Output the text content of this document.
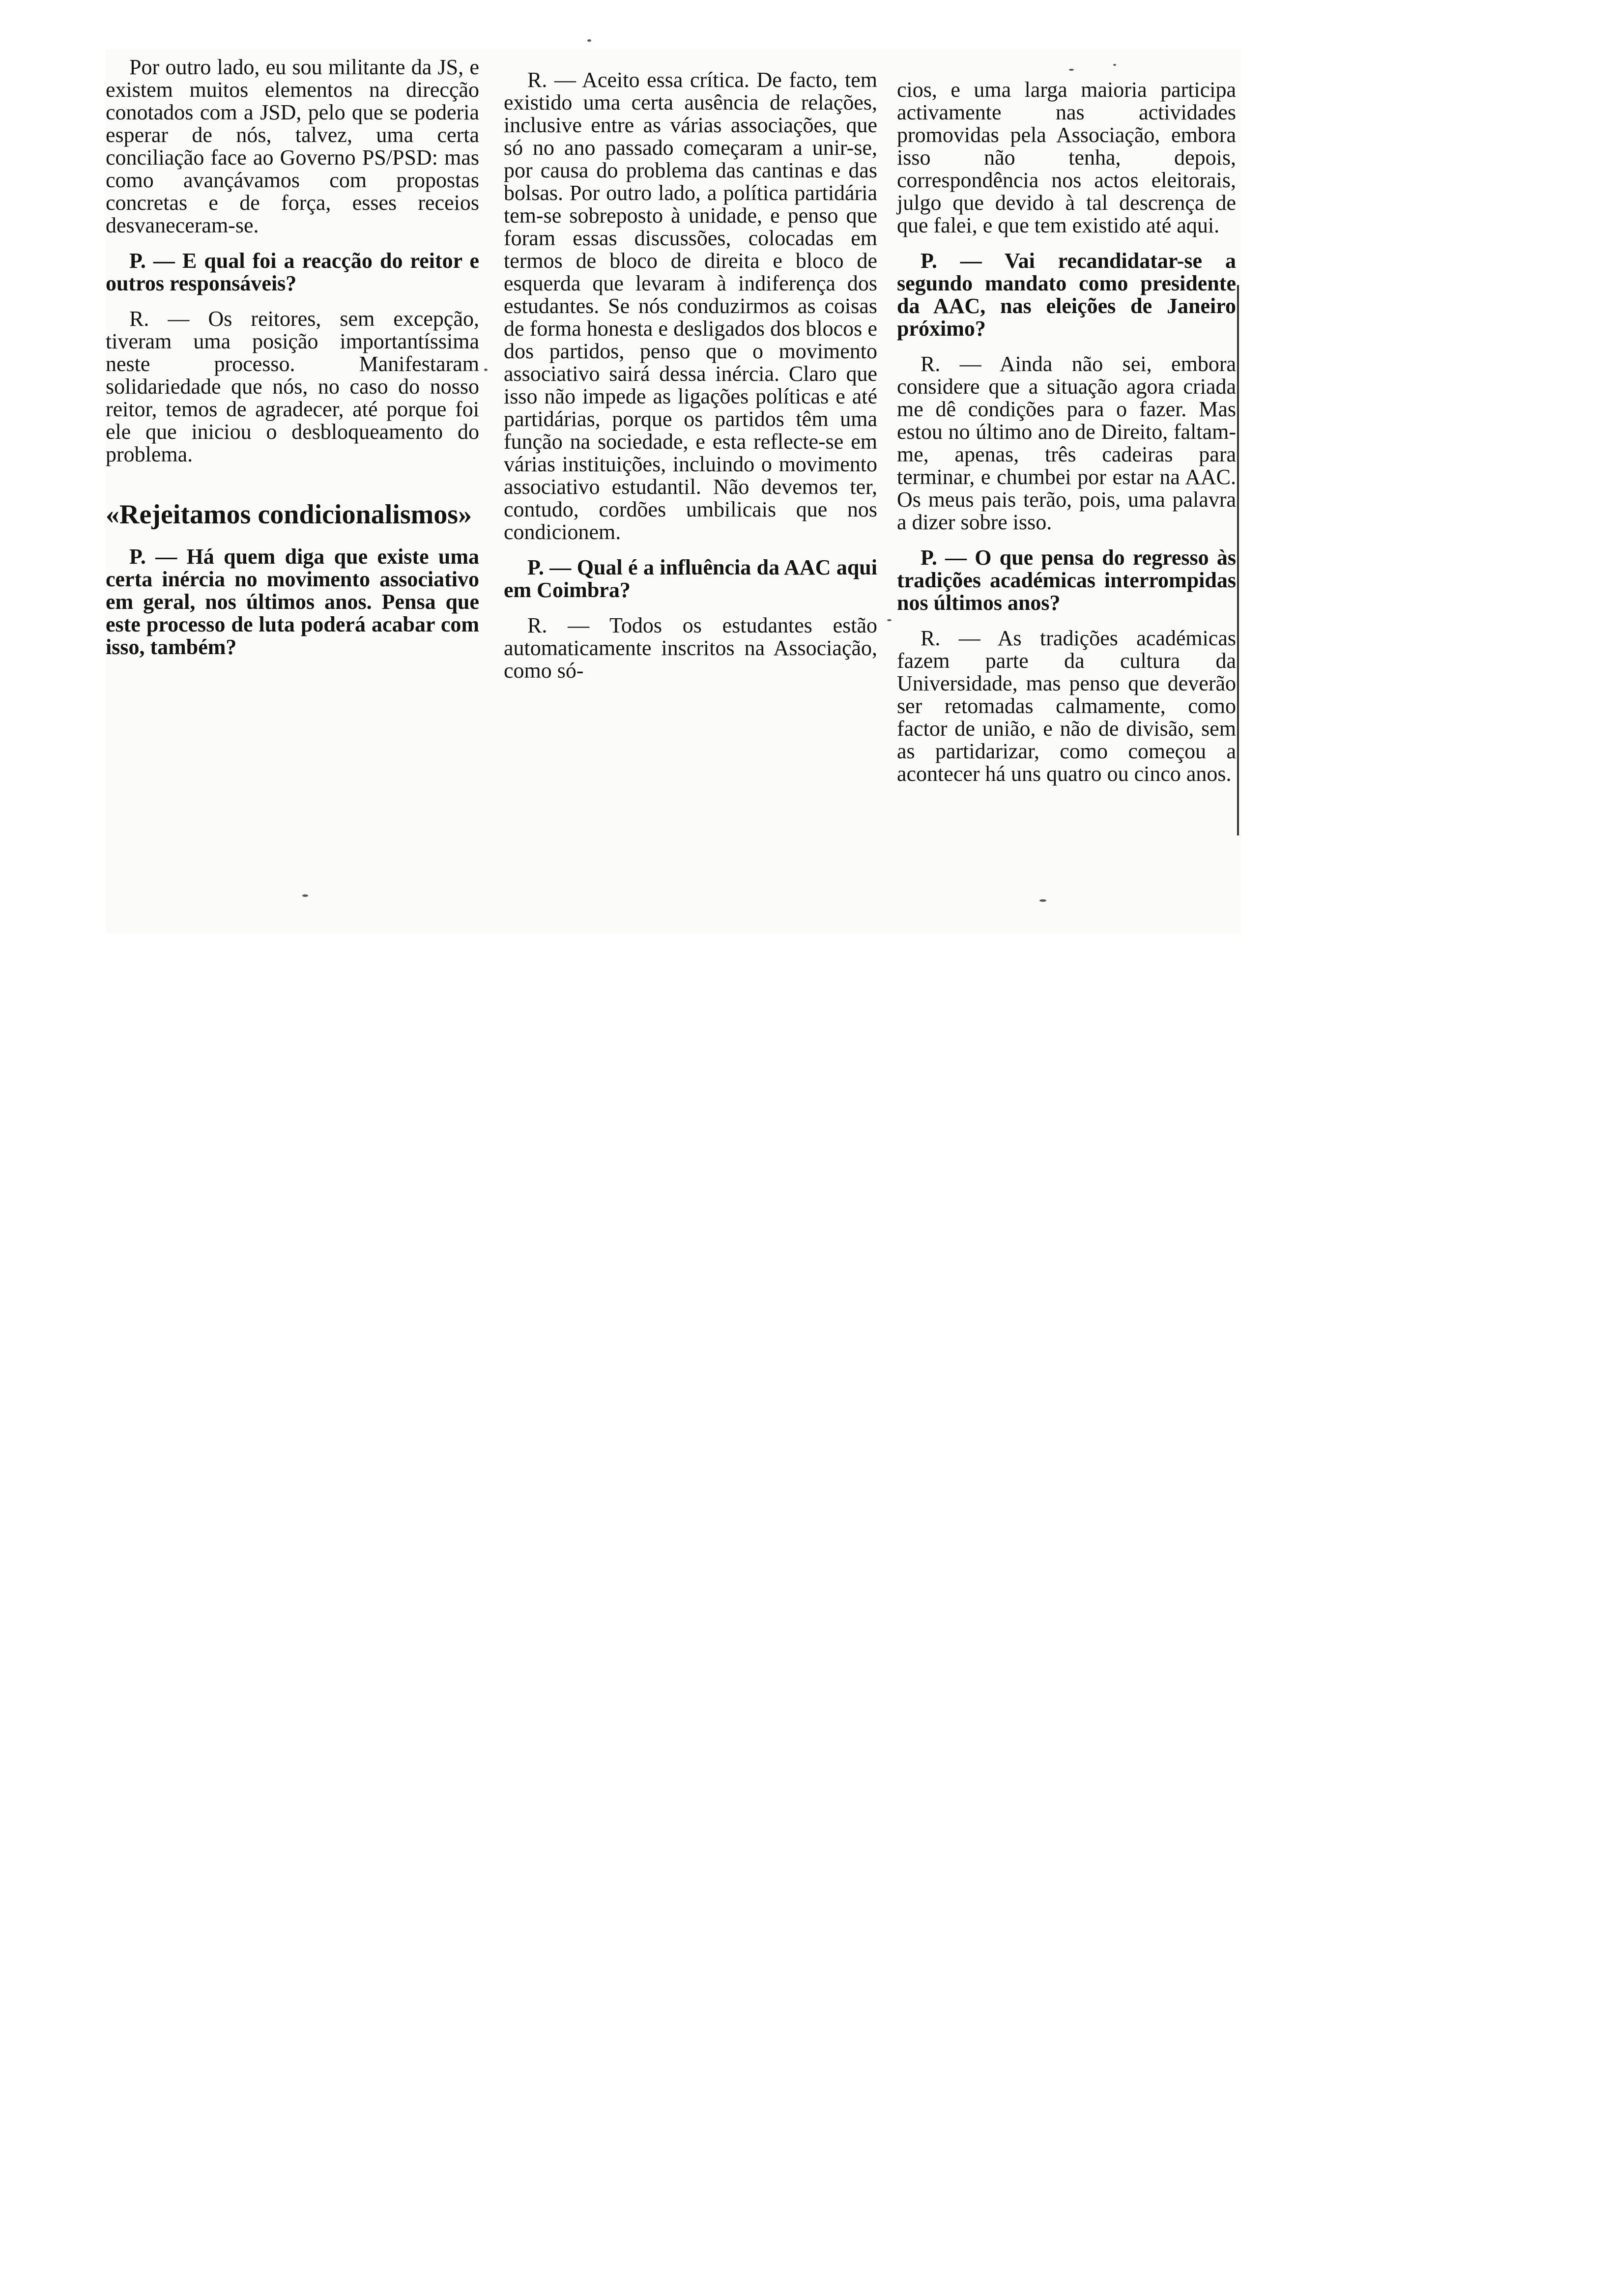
Por outro lado, eu sou militante da JS, e existem muitos elementos na direcção conotados com a JSD, pelo que se poderia esperar de nós, talvez, uma certa conciliação face ao Governo PS/PSD: mas como avançávamos com propostas concretas e de força, esses receios desvaneceram-se.

P. — E qual foi a reacção do reitor e outros responsáveis?

R. — Os reitores, sem excepção, tiveram uma posição importantíssima neste processo. Manifestaram solidariedade que nós, no caso do nosso reitor, temos de agradecer, até porque foi ele que iniciou o desbloqueamento do problema.

«Rejeitamos condicionalismos»

P. — Há quem diga que existe uma certa inércia no movimento associativo em geral, nos últimos anos. Pensa que este processo de luta poderá acabar com isso, também?

R. — Aceito essa crítica. De facto, tem existido uma certa ausência de relações, inclusive entre as várias associações, que só no ano passado começaram a unir-se, por causa do problema das cantinas e das bolsas. Por outro lado, a política partidária tem-se sobreposto à unidade, e penso que foram essas discussões, colocadas em termos de bloco de direita e bloco de esquerda que levaram à indiferença dos estudantes. Se nós conduzirmos as coisas de forma honesta e desligados dos blocos e dos partidos, penso que o movimento associativo sairá dessa inércia. Claro que isso não impede as ligações políticas e até partidárias, porque os partidos têm uma função na sociedade, e esta reflecte-se em várias instituições, incluindo o movimento associativo estudantil. Não devemos ter, contudo, cordões umbilicais que nos condicionem.

P. — Qual é a influência da AAC aqui em Coimbra?

R. — Todos os estudantes estão automaticamente inscritos na Associação, como só-

cios, e uma larga maioria participa activamente nas actividades promovidas pela Associação, embora isso não tenha, depois, correspondência nos actos eleitorais, julgo que devido à tal descrença de que falei, e que tem existido até aqui.

P. — Vai recandidatar-se a segundo mandato como presidente da AAC, nas eleições de Janeiro próximo?

R. — Ainda não sei, embora considere que a situação agora criada me dê condições para o fazer. Mas estou no último ano de Direito, faltam-me, apenas, três cadeiras para terminar, e chumbei por estar na AAC. Os meus pais terão, pois, uma palavra a dizer sobre isso.

P. — O que pensa do regresso às tradições académicas interrompidas nos últimos anos?

R. — As tradições académicas fazem parte da cultura da Universidade, mas penso que deverão ser retomadas calmamente, como factor de união, e não de divisão, sem as partidarizar, como começou a acontecer há uns quatro ou cinco anos.
